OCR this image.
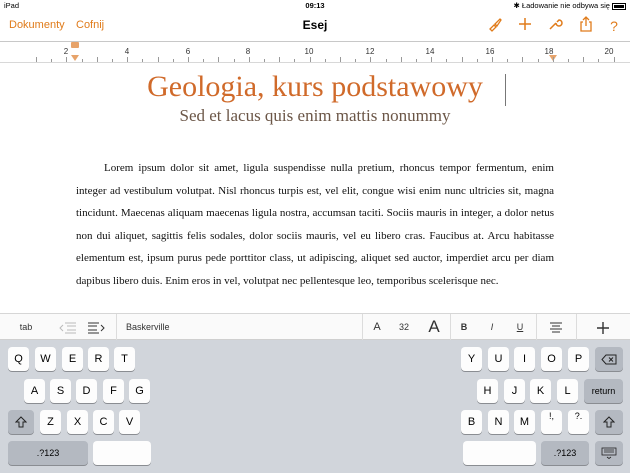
iPad	09:13	✱ Ładowanie nie odbywa się
Dokumenty Cofnij	Esej	?
2	4	6	8	10	12	14	16	18	20
Geologia, kurs podstawowy
Sed et lacus quis enim mattis nonummy
Lorem ipsum dolor sit amet, ligula suspendisse nulla pretium, rhoncus tempor fermentum, enim integer ad vestibulum volutpat. Nisl rhoncus turpis est, vel elit, congue wisi enim nunc ultricies sit, magna tincidunt. Maecenas aliquam maecenas ligula nostra, accumsan taciti. Sociis mauris in integer, a dolor netus non dui aliquet, sagittis felis sodales, dolor sociis mauris, vel eu libero cras. Faucibus at. Arcu habitasse elementum est, ipsum purus pede porttitor class, ut adipiscing, aliquet sed auctor, imperdiet arcu per diam dapibus libero duis. Enim eros in vel, volutpat nec pellentesque leo, temporibus scelerisque nec.
tab	Baskerville	A	32	A	B	I	U
Q	W	E	R	T	Y	U	I	O	P
A	S	D	F	G	H	J	K	L	return
Z	X	C	V	B	N	M	!, ?.
.?123	.?123
